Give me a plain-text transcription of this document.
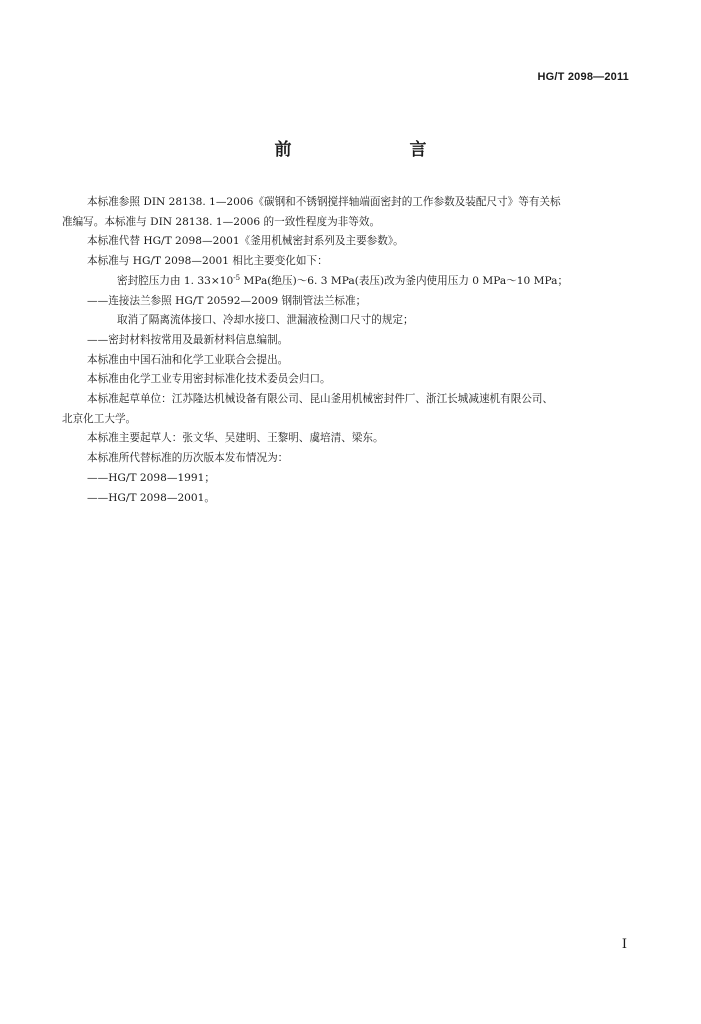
HG/T 2098—2011
前　　言

本标准参照 DIN 28138. 1—2006《碳钢和不锈钢搅拌轴端面密封的工作参数及装配尺寸》等有关标

准编写。本标准与 DIN 28138. 1—2006 的一致性程度为非等效。

本标准代替 HG/T 2098—2001《釜用机械密封系列及主要参数》。

本标准与 HG/T 2098—2001 相比主要变化如下：

密封腔压力由 1. $33\times 10^{-5}$ MPa(绝压)～6. 3 MPa(表压)改为釜内使用压力 0 MPa～10 MPa；

——连接法兰参照 HG/T 20592—2009 钢制管法兰标准；

取消了隔离流体接口、冷却水接口、泄漏液检测口尺寸的规定；

——密封材料按常用及最新材料信息编制。

本标准由中国石油和化学工业联合会提出。

本标准由化学工业专用密封标准化技术委员会归口。

本标准起草单位：江苏隆达机械设备有限公司、昆山釜用机械密封件厂、浙江长城减速机有限公司、

北京化工大学。

本标准主要起草人：张文华、吴建明、王黎明、虞培清、梁东。

本标准所代替标准的历次版本发布情况为：

——HG/T 2098—1991；

——HG/T 2098—2001。

I
